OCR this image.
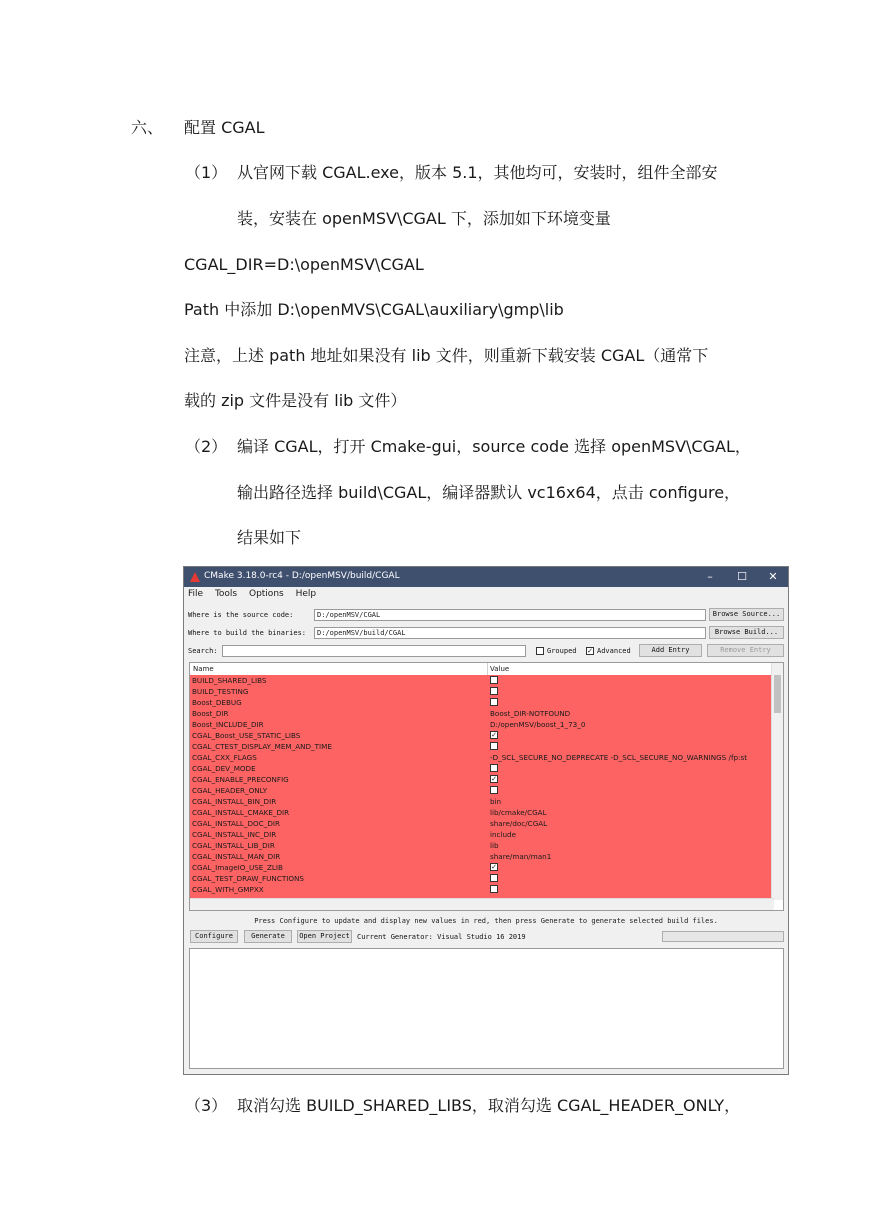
六、 配置 CGAL
（1） 从官网下载 CGAL.exe，版本 5.1，其他均可，安装时，组件全部安
装，安装在 openMSV\CGAL 下，添加如下环境变量
CGAL_DIR=D:\openMSV\CGAL
Path 中添加 D:\openMVS\CGAL\auxiliary\gmp\lib
注意，上述 path 地址如果没有 lib 文件，则重新下载安装 CGAL（通常下
载的 zip 文件是没有 lib 文件）
（2） 编译 CGAL，打开 Cmake-gui，source code 选择 openMSV\CGAL，
输出路径选择 build\CGAL，编译器默认 vc16x64，点击 configure，
结果如下
CMake 3.18.0-rc4 - D:/openMSV/build/CGAL	–	☐	✕
File Tools Options Help
Where is the source code:	D:/openMSV/CGAL	Browse Source...
Where to build the binaries:	D:/openMSV/build/CGAL	Browse Build...
Search:	Grouped ✓ Advanced	Add Entry	Remove Entry
Name	Value
BUILD_SHARED_LIBS
BUILD_TESTING
Boost_DEBUG
Boost_DIR	Boost_DIR-NOTFOUND
Boost_INCLUDE_DIR	D:/openMSV/boost_1_73_0
CGAL_Boost_USE_STATIC_LIBS	✓
CGAL_CTEST_DISPLAY_MEM_AND_TIME
CGAL_CXX_FLAGS	-D_SCL_SECURE_NO_DEPRECATE -D_SCL_SECURE_NO_WARNINGS /fp:st
CGAL_DEV_MODE
CGAL_ENABLE_PRECONFIG	✓
CGAL_HEADER_ONLY
CGAL_INSTALL_BIN_DIR	bin
CGAL_INSTALL_CMAKE_DIR	lib/cmake/CGAL
CGAL_INSTALL_DOC_DIR	share/doc/CGAL
CGAL_INSTALL_INC_DIR	include
CGAL_INSTALL_LIB_DIR	lib
CGAL_INSTALL_MAN_DIR	share/man/man1
CGAL_ImageIO_USE_ZLIB	✓
CGAL_TEST_DRAW_FUNCTIONS
CGAL_WITH_GMPXX
Press Configure to update and display new values in red, then press Generate to generate selected build files.
Configure	Generate	Open Project	Current Generator: Visual Studio 16 2019
（3） 取消勾选 BUILD_SHARED_LIBS，取消勾选 CGAL_HEADER_ONLY，
